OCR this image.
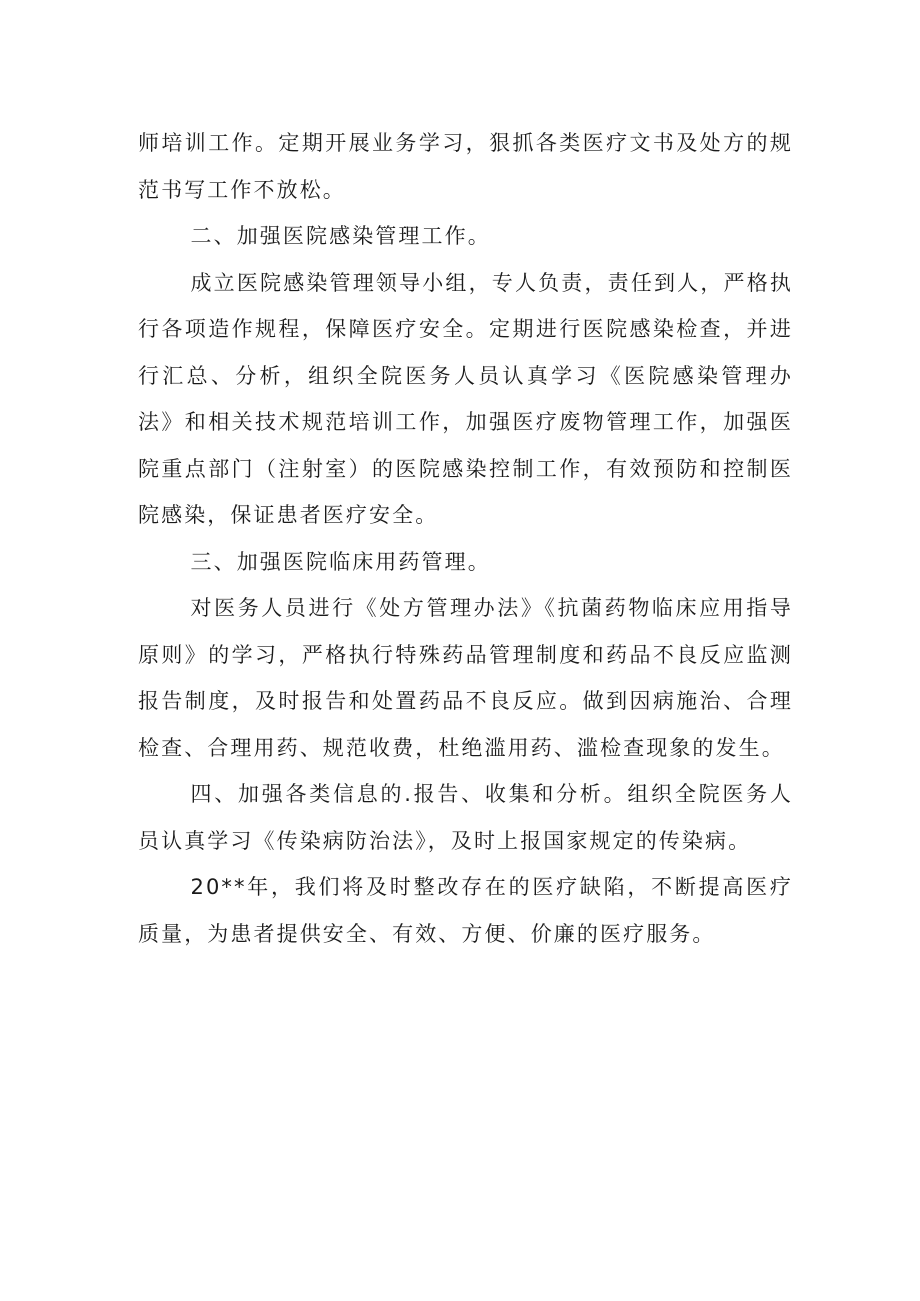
师培训工作。定期开展业务学习，狠抓各类医疗文书及处方的规范书写工作不放松。

二、加强医院感染管理工作。

成立医院感染管理领导小组，专人负责，责任到人，严格执行各项造作规程，保障医疗安全。定期进行医院感染检查，并进行汇总、分析，组织全院医务人员认真学习《医院感染管理办法》和相关技术规范培训工作，加强医疗废物管理工作，加强医院重点部门（注射室）的医院感染控制工作，有效预防和控制医院感染，保证患者医疗安全。

三、加强医院临床用药管理。

对医务人员进行《处方管理办法》《抗菌药物临床应用指导原则》的学习，严格执行特殊药品管理制度和药品不良反应监测报告制度，及时报告和处置药品不良反应。做到因病施治、合理检查、合理用药、规范收费，杜绝滥用药、滥检查现象的发生。

四、加强各类信息的.报告、收集和分析。组织全院医务人员认真学习《传染病防治法》，及时上报国家规定的传染病。

20**年，我们将及时整改存在的医疗缺陷，不断提高医疗质量，为患者提供安全、有效、方便、价廉的医疗服务。
